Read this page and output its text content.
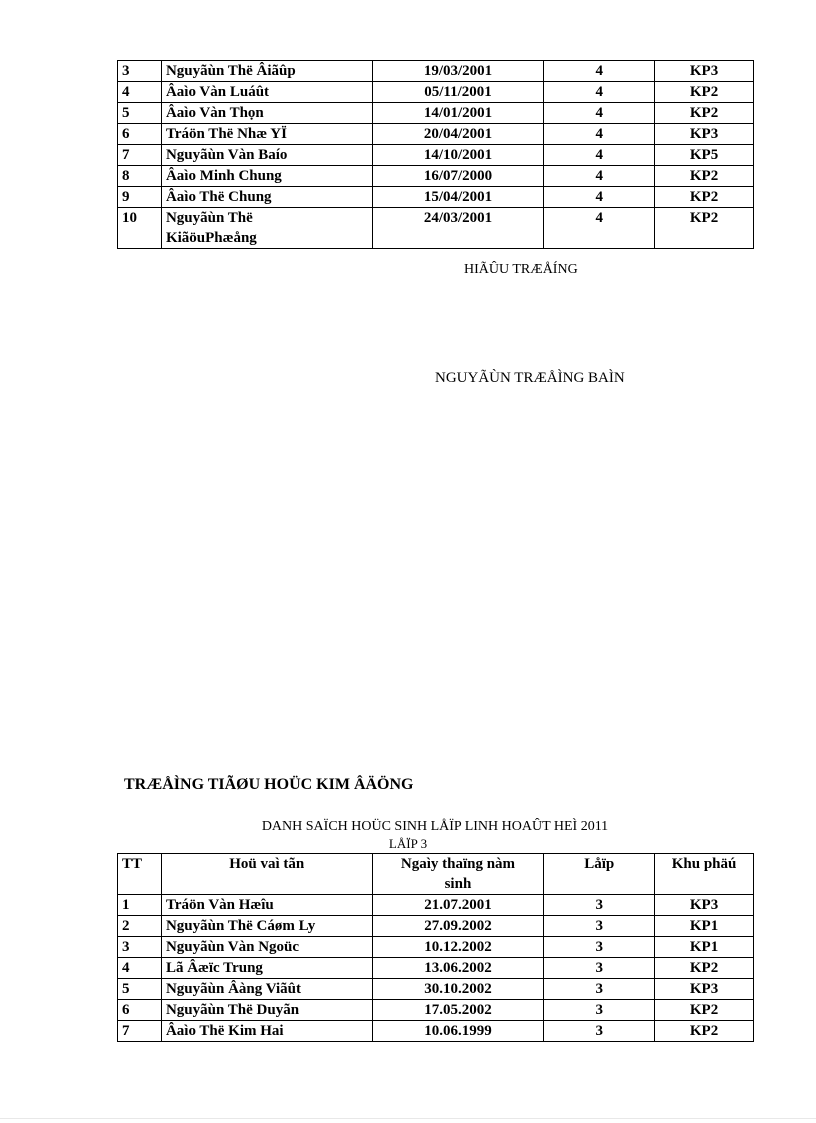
3	Nguyãùn Thë Âiãûp	19/03/2001	4	KP3
4	Âaìo Vàn Luáût	05/11/2001	4	KP2
5	Âaìo Vàn Thọn	14/01/2001	4	KP2
6	Tráön Thë Nhæ YÏ	20/04/2001	4	KP3
7	Nguyãùn Vàn Baío	14/10/2001	4	KP5
8	Âaìo Minh Chung	16/07/2000	4	KP2
9	Âaìo Thë Chung	15/04/2001	4	KP2
10	Nguyãùn Thë
KiãöuPhæång	24/03/2001	4	KP2
HIÃÛU TRÆÅÍNG
NGUYÃÙN TRÆÅÌNG BAÌN
TRÆÅÌNG TIÃØU HOÜC KIM ÂÄÖNG
DANH SAÏCH HOÜC SINH LÅÏP LINH HOAÛT HEÌ 2011
LÅÏP 3
TT	Hoü vaì tãn	Ngaìy thaïng nàm
sinh	Låïp	Khu phäú
1	Tráön Vàn Hæîu	21.07.2001	3	KP3
2	Nguyãùn Thë Cáøm Ly	27.09.2002	3	KP1
3	Nguyãùn Vàn Ngoüc	10.12.2002	3	KP1
4	Lã Âæïc Trung	13.06.2002	3	KP2
5	Nguyãùn Âàng Viãût	30.10.2002	3	KP3
6	Nguyãùn Thë Duyãn	17.05.2002	3	KP2
7	Âaìo Thë Kim Hai	10.06.1999	3	KP2
